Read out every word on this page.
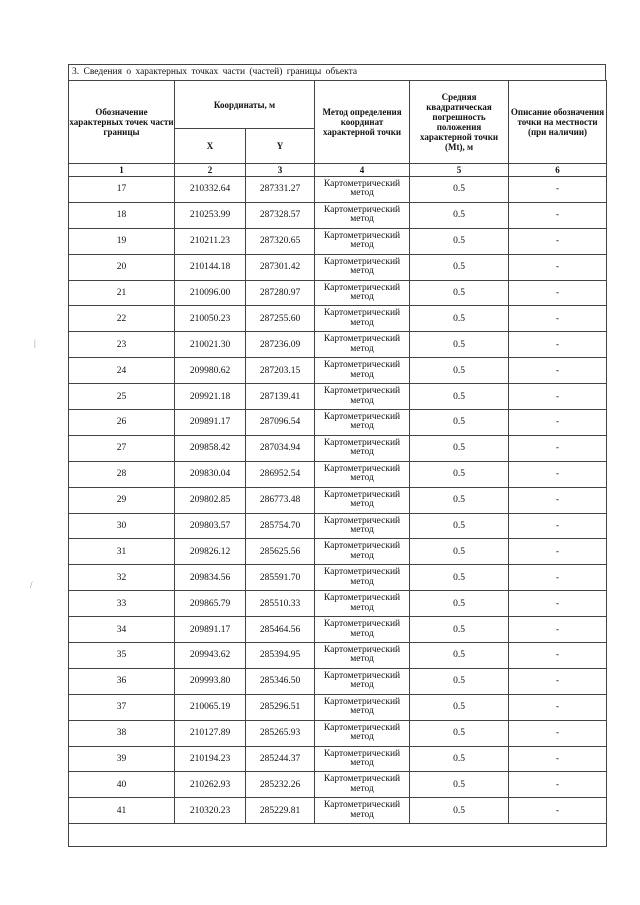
3. Сведения о характерных точках части (частей) границы объекта
Обозначение характерных точек части границы	Координаты, м		Метод определения координат характерной точки	Средняя квадратическая погрешность положения характерной точки (Мt), м	Описание обозначения точки на местности (при наличии)
	X	Y			
1	2	3	4	5	6
17	210332.64	287331.27	Картометрический метод	0.5	-
18	210253.99	287328.57	Картометрический метод	0.5	-
19	210211.23	287320.65	Картометрический метод	0.5	-
20	210144.18	287301.42	Картометрический метод	0.5	-
21	210096.00	287280.97	Картометрический метод	0.5	-
22	210050.23	287255.60	Картометрический метод	0.5	-
23	210021.30	287236.09	Картометрический метод	0.5	-
24	209980.62	287203.15	Картометрический метод	0.5	-
25	209921.18	287139.41	Картометрический метод	0.5	-
26	209891.17	287096.54	Картометрический метод	0.5	-
27	209858.42	287034.94	Картометрический метод	0.5	-
28	209830.04	286952.54	Картометрический метод	0.5	-
29	209802.85	286773.48	Картометрический метод	0.5	-
30	209803.57	285754.70	Картометрический метод	0.5	-
31	209826.12	285625.56	Картометрический метод	0.5	-
32	209834.56	285591.70	Картометрический метод	0.5	-
33	209865.79	285510.33	Картометрический метод	0.5	-
34	209891.17	285464.56	Картометрический метод	0.5	-
35	209943.62	285394.95	Картометрический метод	0.5	-
36	209993.80	285346.50	Картометрический метод	0.5	-
37	210065.19	285296.51	Картометрический метод	0.5	-
38	210127.89	285265.93	Картометрический метод	0.5	-
39	210194.23	285244.37	Картометрический метод	0.5	-
40	210262.93	285232.26	Картометрический метод	0.5	-
41	210320.23	285229.81	Картометрический метод	0.5	-

|
/
